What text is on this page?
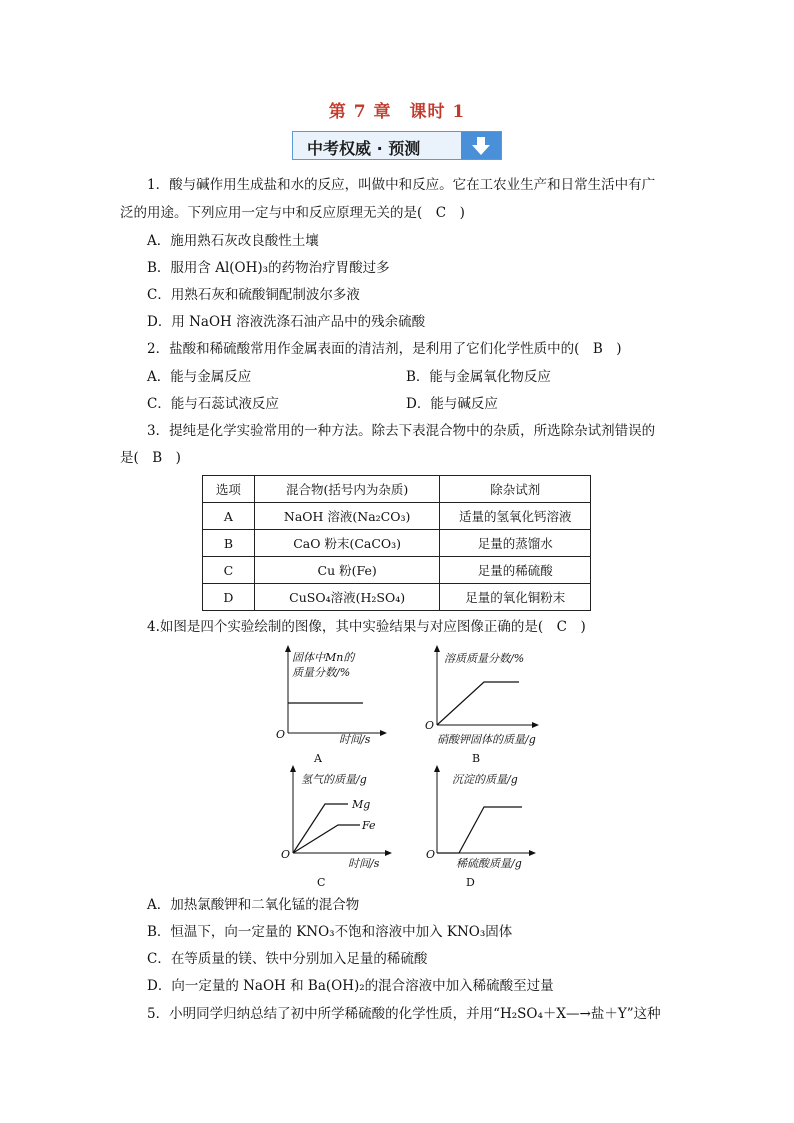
第 7 章　课时 1
中考权威 · 预测
1．酸与碱作用生成盐和水的反应，叫做中和反应。它在工农业生产和日常生活中有广
泛的用途。下列应用一定与中和反应原理无关的是(　C　)
A．施用熟石灰改良酸性土壤
B．服用含 Al(OH)₃的药物治疗胃酸过多
C．用熟石灰和硫酸铜配制波尔多液
D．用 NaOH 溶液洗涤石油产品中的残余硫酸
2．盐酸和稀硫酸常用作金属表面的清洁剂，是利用了它们化学性质中的(　B　)
A．能与金属反应	B．能与金属氧化物反应
C．能与石蕊试液反应	D．能与碱反应
3．提纯是化学实验常用的一种方法。除去下表混合物中的杂质，所选除杂试剂错误的
是(　B　)
选项	混合物(括号内为杂质)	除杂试剂
A	NaOH 溶液(Na₂CO₃)	适量的氢氧化钙溶液
B	CaO 粉末(CaCO₃)	足量的蒸馏水
C	Cu 粉(Fe)	足量的稀硫酸
D	CuSO₄溶液(H₂SO₄)	足量的氧化铜粉末
4.如图是四个实验绘制的图像，其中实验结果与对应图像正确的是(　C　)
固体中Mn的
质量分数/%
O	时间/s
A
溶质质量分数/%
O
硝酸钾固体的质量/g
B
氢气的质量/g
Mg
Fe
O
时间/s
C
沉淀的质量/g
O
稀硫酸质量/g
D
A．加热氯酸钾和二氧化锰的混合物
B．恒温下，向一定量的 KNO₃不饱和溶液中加入 KNO₃固体
C．在等质量的镁、铁中分别加入足量的稀硫酸
D．向一定量的 NaOH 和 Ba(OH)₂的混合溶液中加入稀硫酸至过量
5．小明同学归纳总结了初中所学稀硫酸的化学性质，并用“H₂SO₄＋X—→盐＋Y”这种
